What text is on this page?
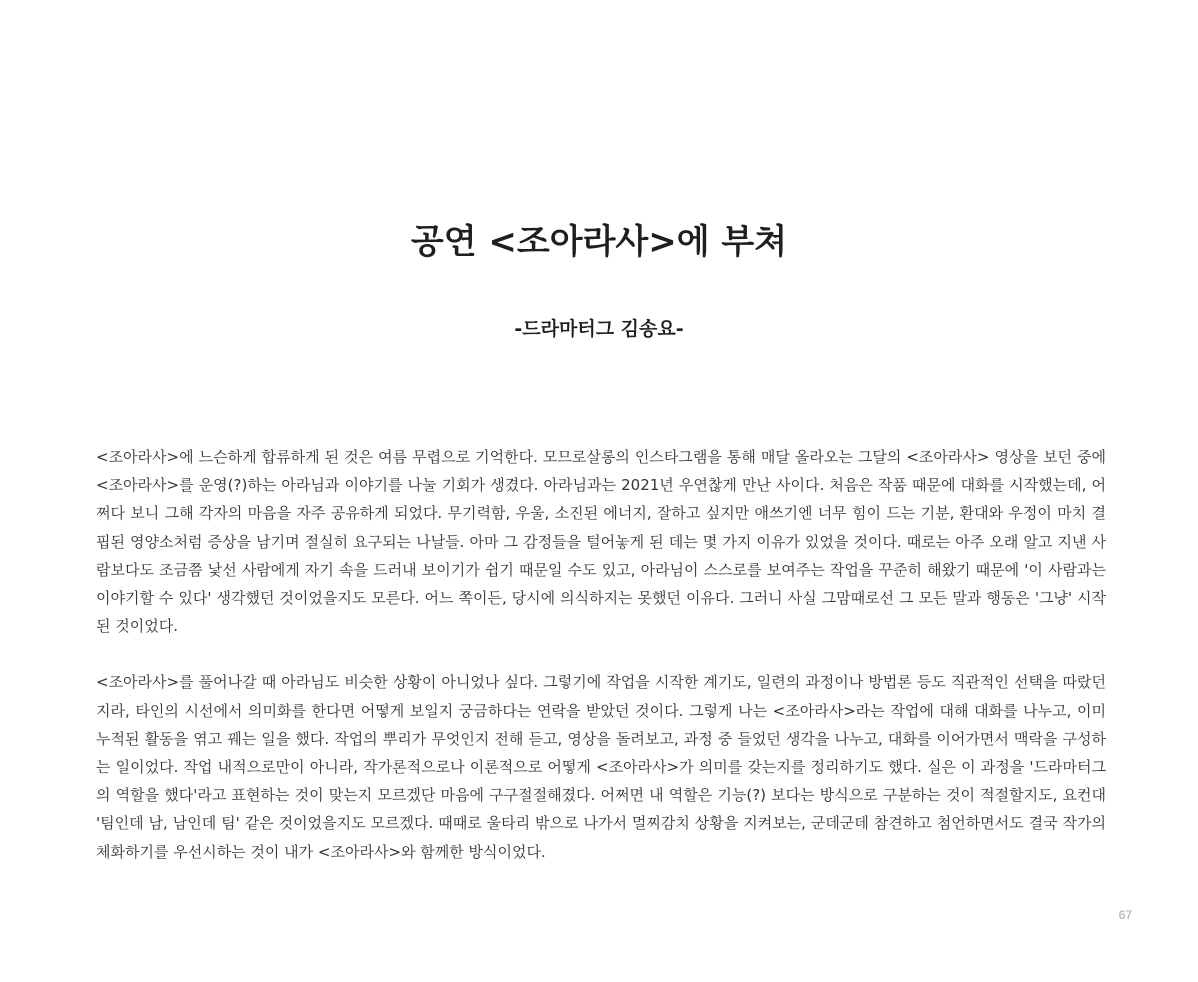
공연 <조아라사>에 부쳐
-드라마터그 김송요-

<조아라사>에 느슨하게 합류하게 된 것은 여름 무렵으로 기억한다. 모므로살롱의 인스타그램을 통해 매달 올라오는 그달의 <조아라사> 영상을 보던 중에 <조아라사>를 운영(?)하는 아라님과 이야기를 나눌 기회가 생겼다. 아라님과는 2021년 우연찮게 만난 사이다. 처음은 작품 때문에 대화를 시작했는데, 어쩌다 보니 그해 각자의 마음을 자주 공유하게 되었다. 무기력함, 우울, 소진된 에너지, 잘하고 싶지만 애쓰기엔 너무 힘이 드는 기분, 환대와 우정이 마치 결핍된 영양소처럼 증상을 남기며 절실히 요구되는 나날들. 아마 그 감정들을 털어놓게 된 데는 몇 가지 이유가 있었을 것이다. 때로는 아주 오래 알고 지낸 사람보다도 조금쯤 낯선 사람에게 자기 속을 드러내 보이기가 쉽기 때문일 수도 있고, 아라님이 스스로를 보여주는 작업을 꾸준히 해왔기 때문에 '이 사람과는 이야기할 수 있다' 생각했던 것이었을지도 모른다. 어느 쪽이든, 당시에 의식하지는 못했던 이유다. 그러니 사실 그맘때로선 그 모든 말과 행동은 '그냥' 시작된 것이었다.

<조아라사>를 풀어나갈 때 아라님도 비슷한 상황이 아니었나 싶다. 그렇기에 작업을 시작한 계기도, 일련의 과정이나 방법론 등도 직관적인 선택을 따랐던지라, 타인의 시선에서 의미화를 한다면 어떻게 보일지 궁금하다는 연락을 받았던 것이다. 그렇게 나는 <조아라사>라는 작업에 대해 대화를 나누고, 이미 누적된 활동을 엮고 꿰는 일을 했다. 작업의 뿌리가 무엇인지 전해 듣고, 영상을 돌려보고, 과정 중 들었던 생각을 나누고, 대화를 이어가면서 맥락을 구성하는 일이었다. 작업 내적으로만이 아니라, 작가론적으로나 이론적으로 어떻게 <조아라사>가 의미를 갖는지를 정리하기도 했다. 실은 이 과정을 '드라마터그의 역할을 했다'라고 표현하는 것이 맞는지 모르겠단 마음에 구구절절해졌다. 어쩌면 내 역할은 기능(?) 보다는 방식으로 구분하는 것이 적절할지도, 요컨대 '팀인데 남, 남인데 팀' 같은 것이었을지도 모르겠다. 때때로 울타리 밖으로 나가서 멀찌감치 상황을 지켜보는, 군데군데 참견하고 첨언하면서도 결국 작가의 체화하기를 우선시하는 것이 내가 <조아라사>와 함께한 방식이었다.

67
